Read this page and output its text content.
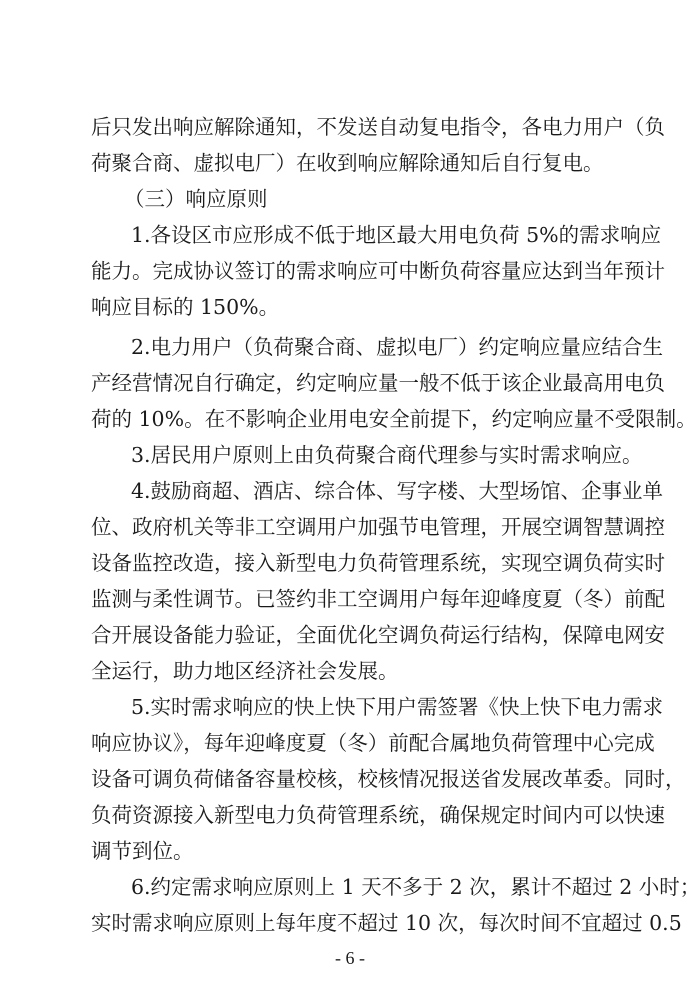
后只发出响应解除通知，不发送自动复电指令，各电力用户（负
荷聚合商、虚拟电厂）在收到响应解除通知后自行复电。
（三）响应原则
1.各设区市应形成不低于地区最大用电负荷 5%的需求响应
能力。完成协议签订的需求响应可中断负荷容量应达到当年预计
响应目标的 150%。
2.电力用户（负荷聚合商、虚拟电厂）约定响应量应结合生
产经营情况自行确定，约定响应量一般不低于该企业最高用电负
荷的 10%。在不影响企业用电安全前提下，约定响应量不受限制。
3.居民用户原则上由负荷聚合商代理参与实时需求响应。
4.鼓励商超、酒店、综合体、写字楼、大型场馆、企事业单
位、政府机关等非工空调用户加强节电管理，开展空调智慧调控
设备监控改造，接入新型电力负荷管理系统，实现空调负荷实时
监测与柔性调节。已签约非工空调用户每年迎峰度夏（冬）前配
合开展设备能力验证，全面优化空调负荷运行结构，保障电网安
全运行，助力地区经济社会发展。
5.实时需求响应的快上快下用户需签署《快上快下电力需求
响应协议》，每年迎峰度夏（冬）前配合属地负荷管理中心完成
设备可调负荷储备容量校核，校核情况报送省发展改革委。同时，
负荷资源接入新型电力负荷管理系统，确保规定时间内可以快速
调节到位。
6.约定需求响应原则上 1 天不多于 2 次，累计不超过 2 小时；
实时需求响应原则上每年度不超过 10 次，每次时间不宜超过 0.5
- 6 -
